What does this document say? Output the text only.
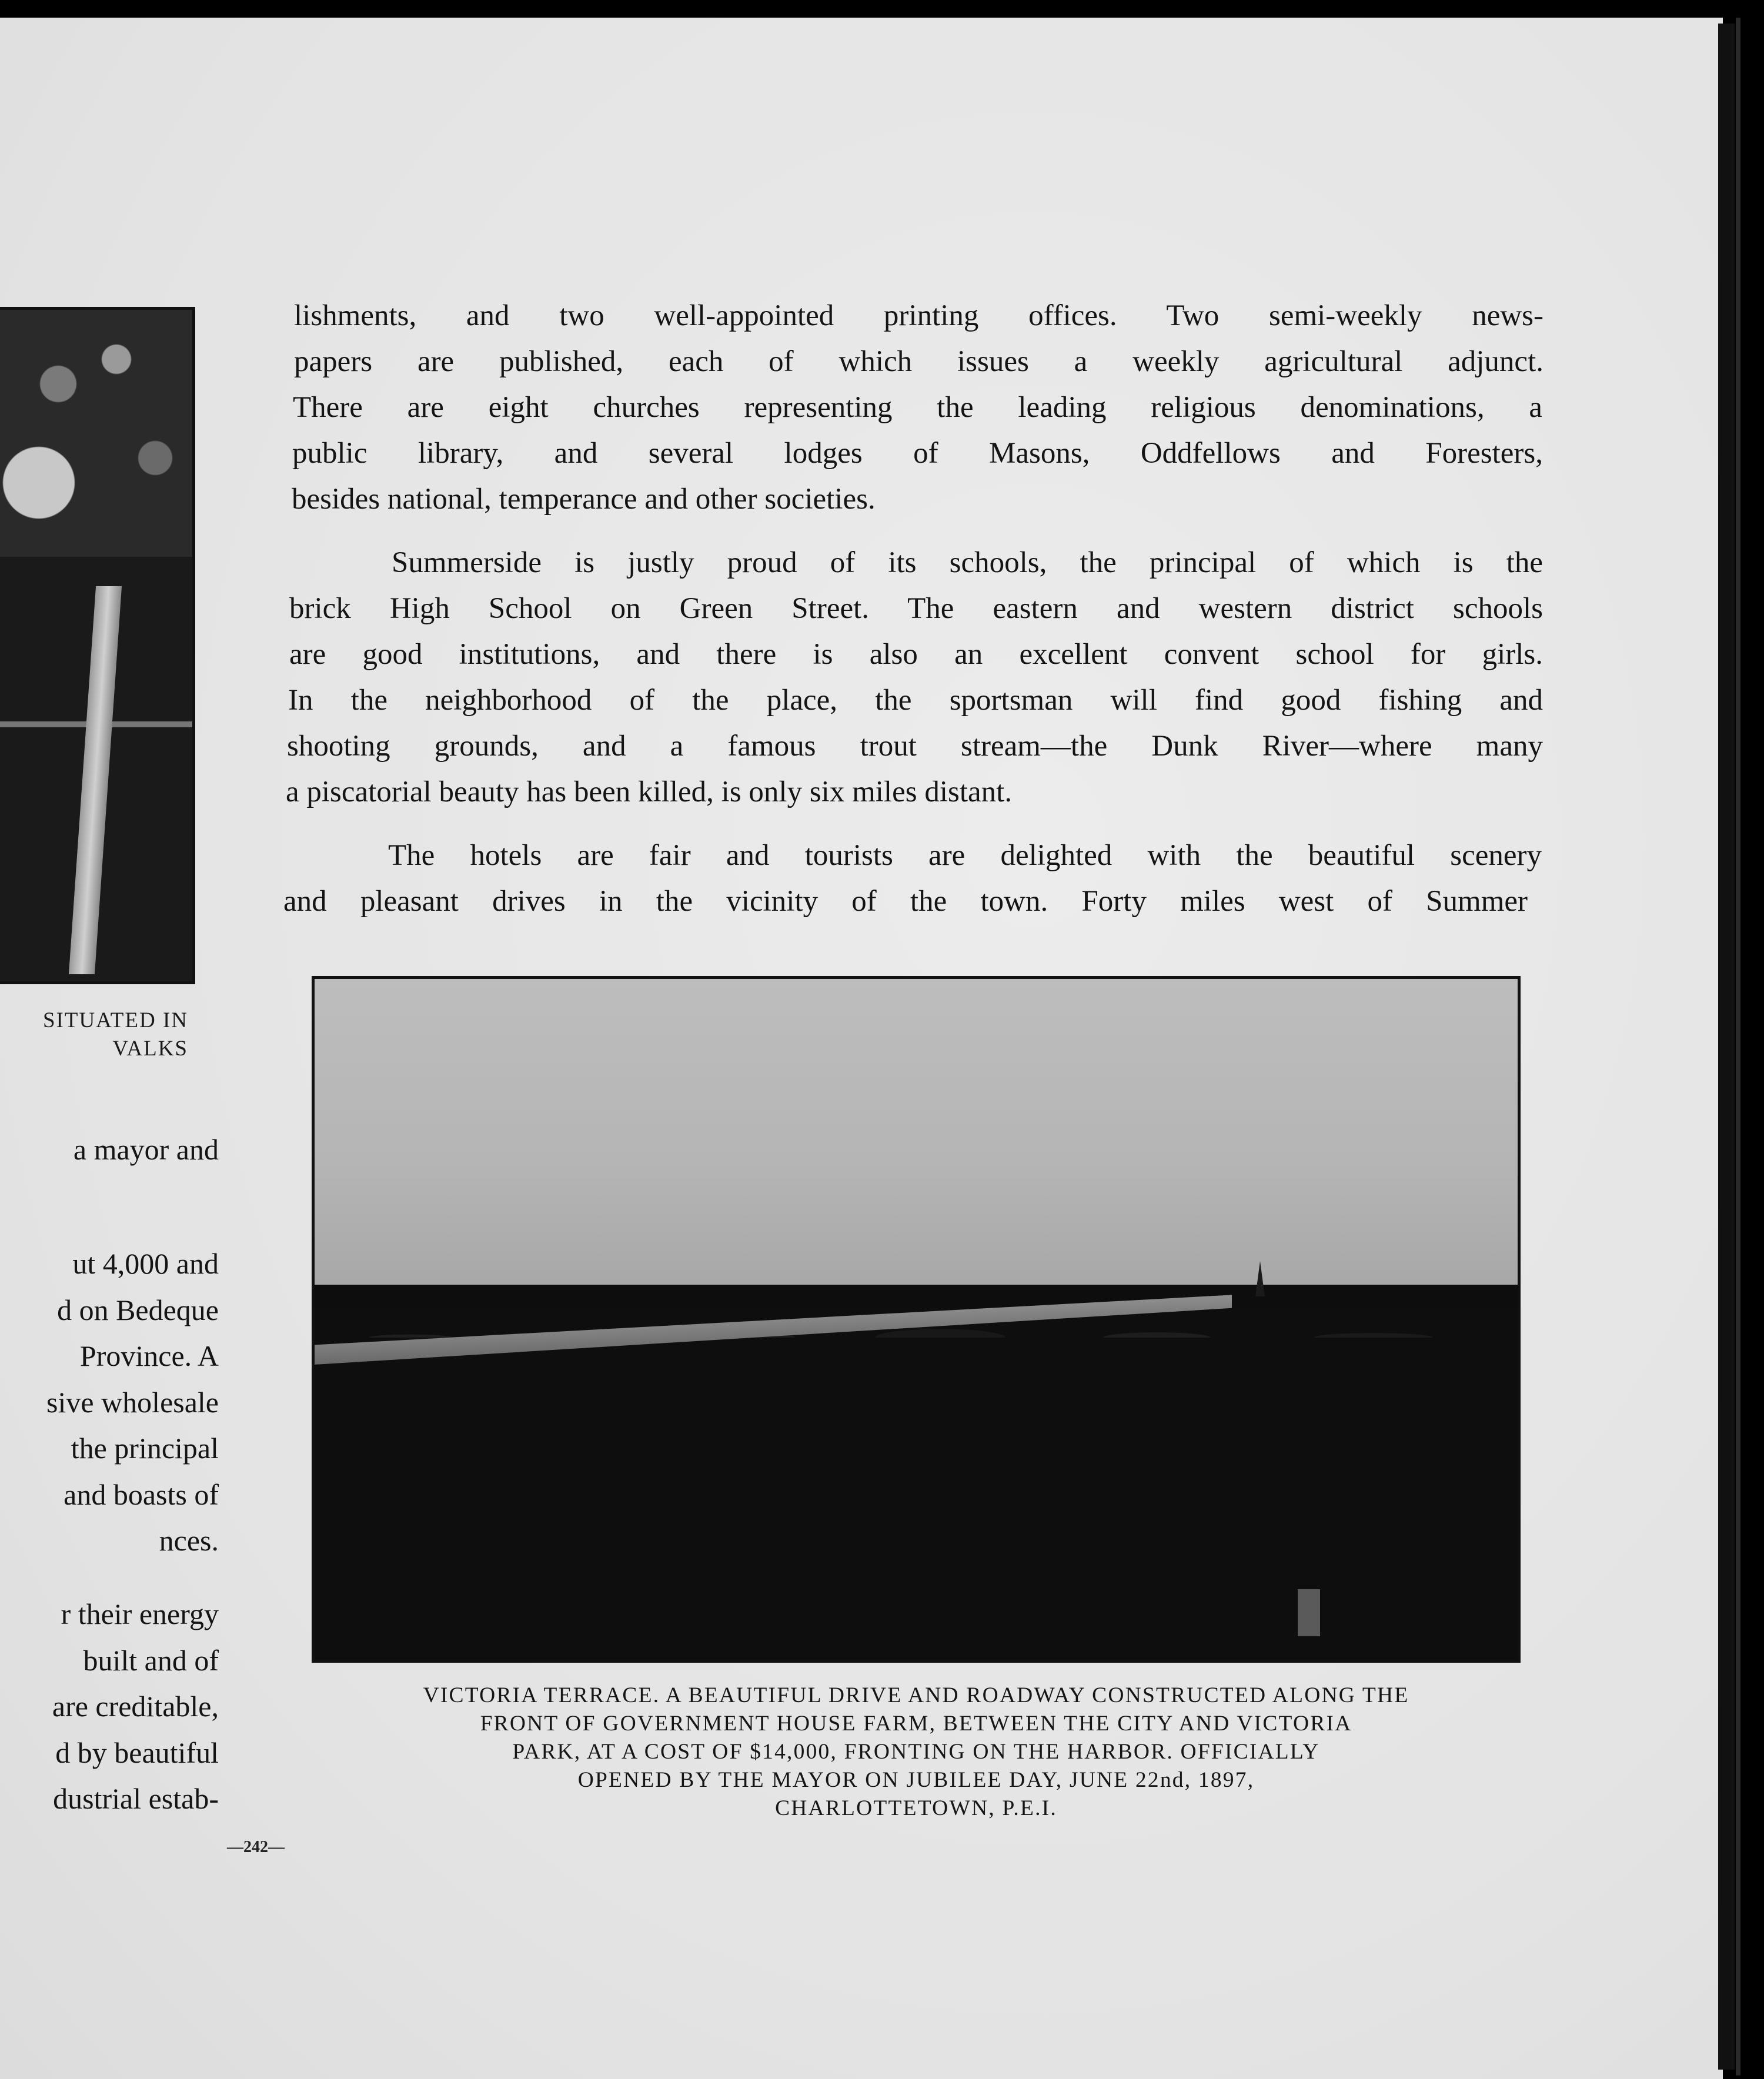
SITUATED IN
VALKS
a mayor and
ut 4,000 and
d on Bedeque
Province. A
sive wholesale
the principal
and boasts of
nces.
r their energy
built and of
are creditable,
d by beautiful
dustrial estab-
—242—
lishments, and two well-appointed printing offices. Two semi-weekly news-
papers are published, each of which issues a weekly agricultural adjunct.
There are eight churches representing the leading religious denominations, a
public library, and several lodges of Masons, Oddfellows and Foresters,
besides national, temperance and other societies.
Summerside is justly proud of its schools, the principal of which is the
brick High School on Green Street. The eastern and western district schools
are good institutions, and there is also an excellent convent school for girls.
In the neighborhood of the place, the sportsman will find good fishing and
shooting grounds, and a famous trout stream—the Dunk River—where many
a piscatorial beauty has been killed, is only six miles distant.
The hotels are fair and tourists are delighted with the beautiful scenery
and pleasant drives in the vicinity of the town. Forty miles west of Summer
VICTORIA TERRACE. A BEAUTIFUL DRIVE AND ROADWAY CONSTRUCTED ALONG THE
FRONT OF GOVERNMENT HOUSE FARM, BETWEEN THE CITY AND VICTORIA
PARK, AT A COST OF $14,000, FRONTING ON THE HARBOR. OFFICIALLY
OPENED BY THE MAYOR ON JUBILEE DAY, JUNE 22nd, 1897,
CHARLOTTETOWN, P.E.I.
